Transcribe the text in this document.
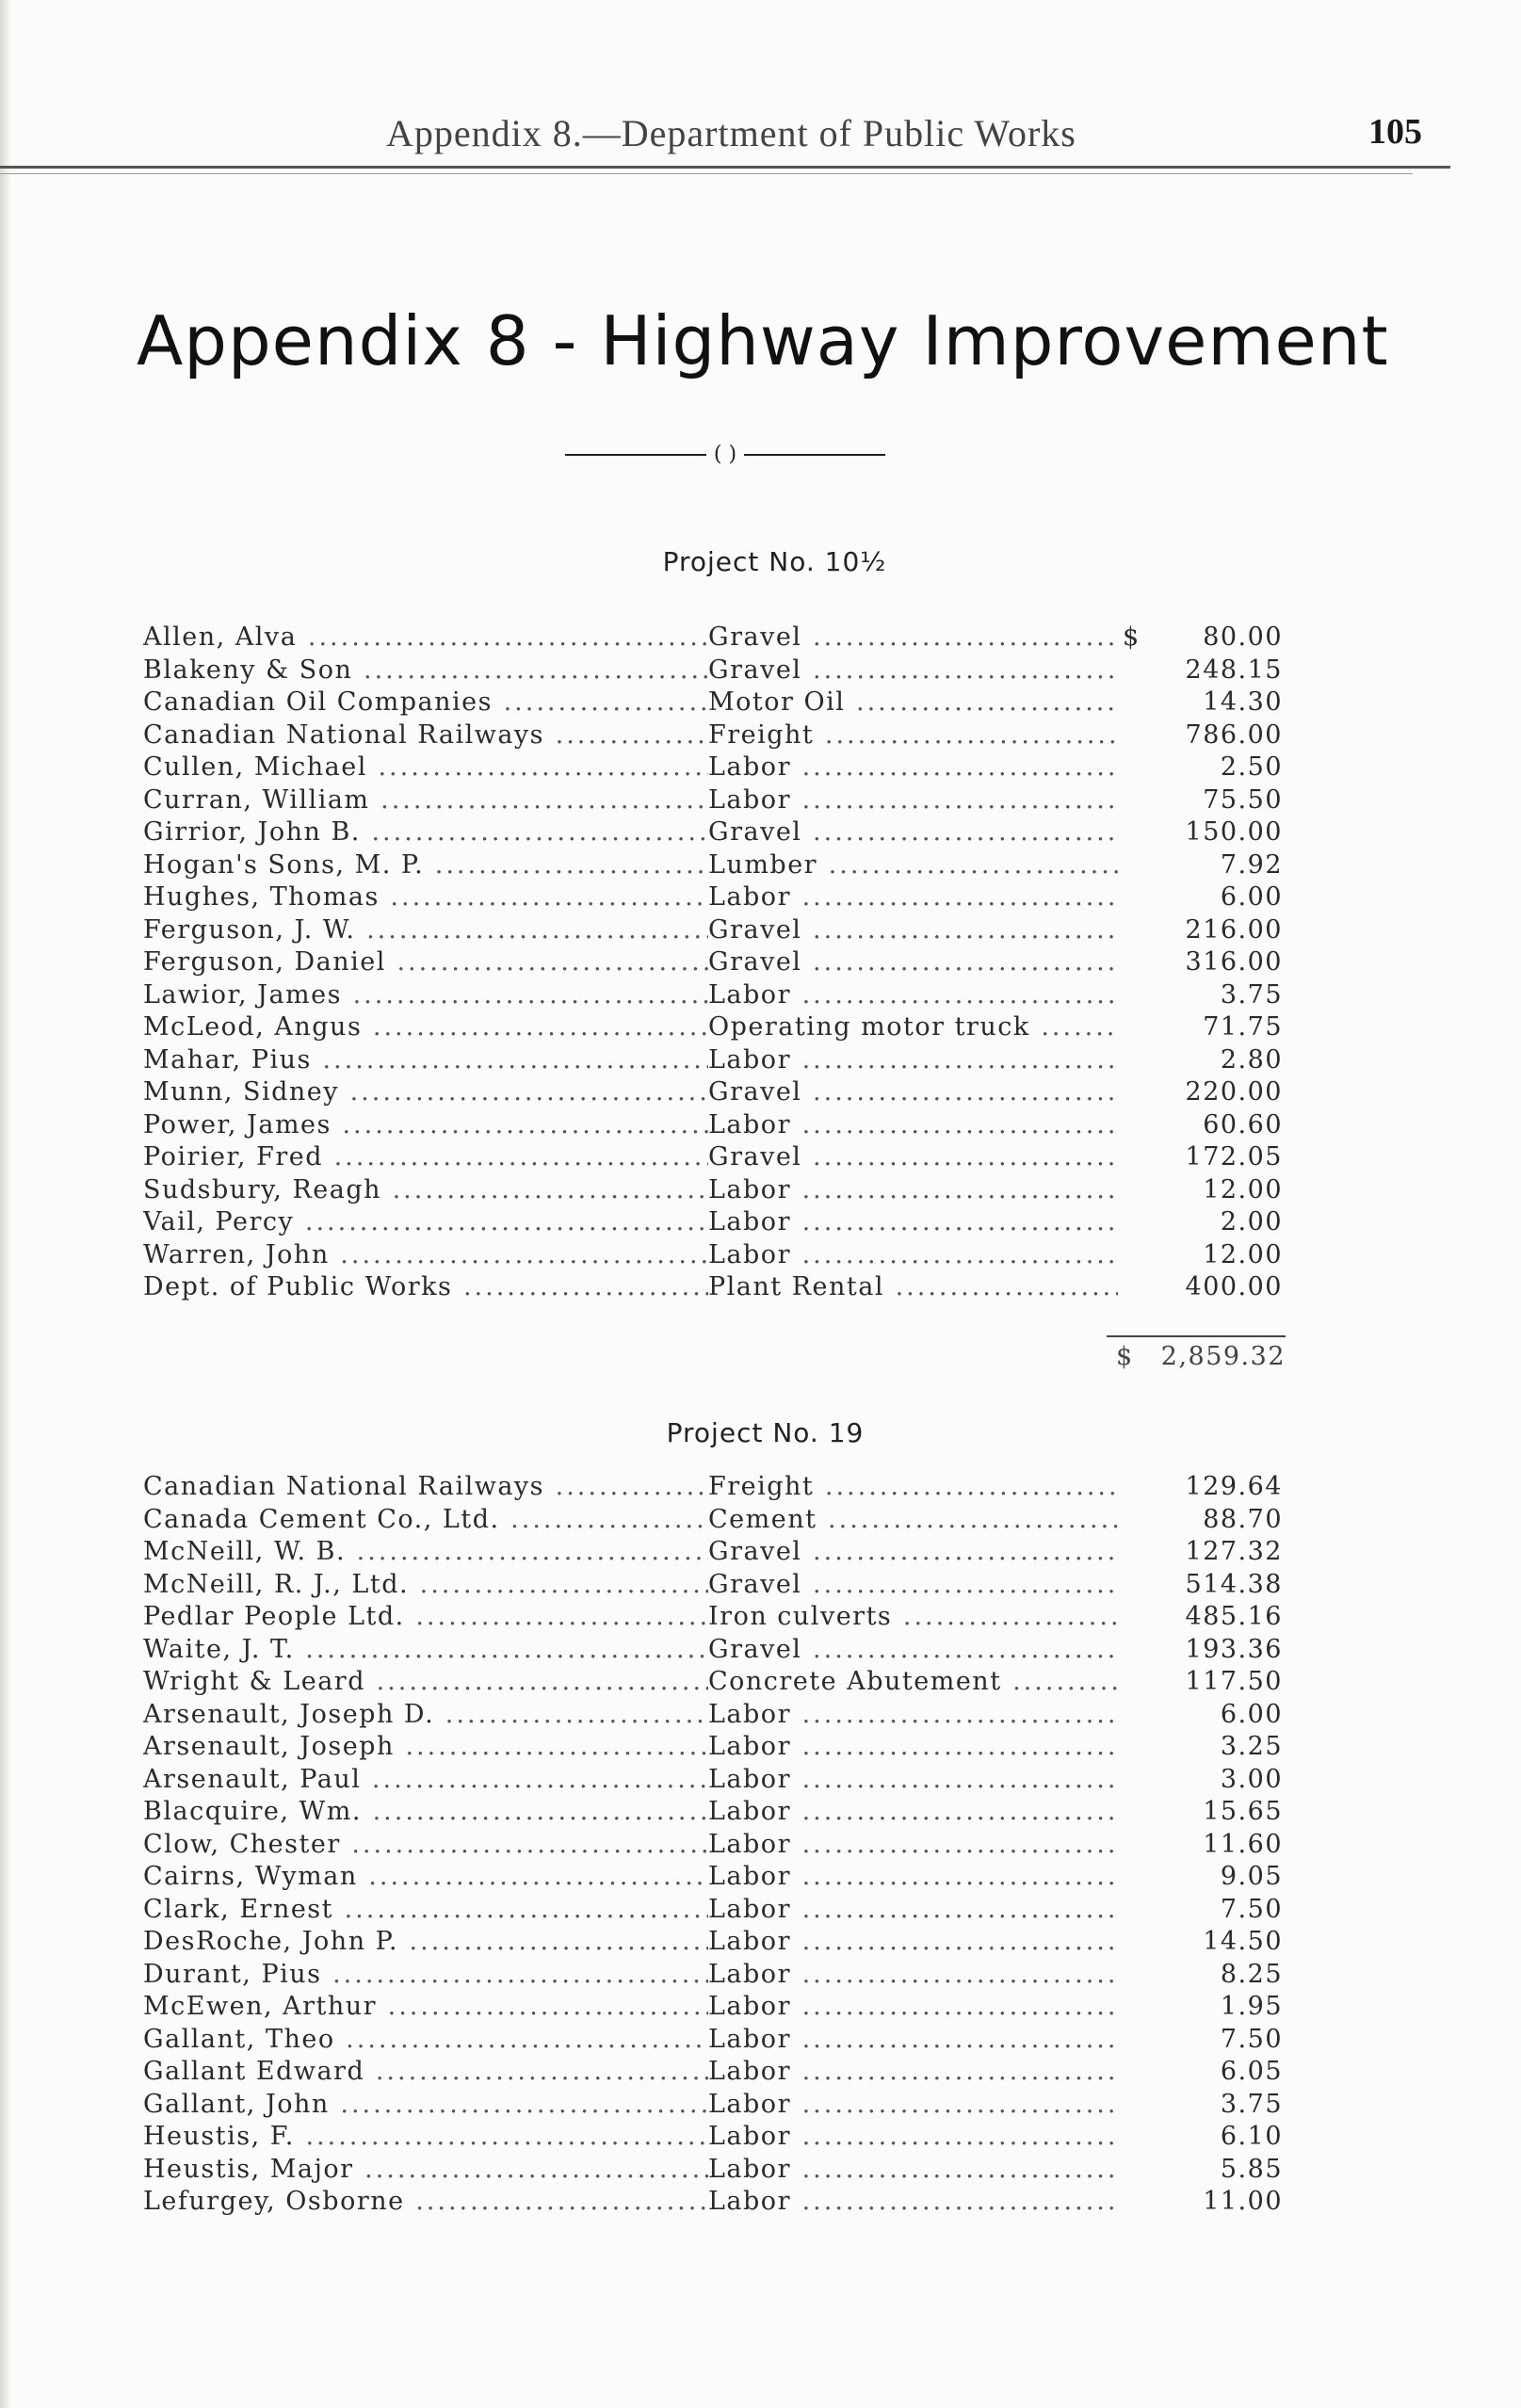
Appendix 8.—Department of Public Works	105
Appendix 8 - Highway Improvement
( )
Project No. 10½
Allen, Alva .....	Gravel .....	$	80.00
Blakeny & Son .....	Gravel .....	248.15
Canadian Oil Companies .....	Motor Oil .....	14.30
Canadian National Railways .....	Freight .....	786.00
Cullen, Michael .....	Labor .....	2.50
Curran, William .....	Labor .....	75.50
Girrior, John B. .....	Gravel .....	150.00
Hogan's Sons, M. P. .....	Lumber .....	7.92
Hughes, Thomas .....	Labor .....	6.00
Ferguson, J. W. .....	Gravel .....	216.00
Ferguson, Daniel .....	Gravel .....	316.00
Lawior, James .....	Labor .....	3.75
McLeod, Angus .....	Operating motor truck .....	71.75
Mahar, Pius .....	Labor .....	2.80
Munn, Sidney .....	Gravel .....	220.00
Power, James .....	Labor .....	60.60
Poirier, Fred .....	Gravel .....	172.05
Sudsbury, Reagh .....	Labor .....	12.00
Vail, Percy .....	Labor .....	2.00
Warren, John .....	Labor .....	12.00
Dept. of Public Works .....	Plant Rental .....	400.00
$ 2,859.32
Project No. 19
Canadian National Railways .....	Freight .....	129.64
Canada Cement Co., Ltd. .....	Cement .....	88.70
McNeill, W. B. .....	Gravel .....	127.32
McNeill, R. J., Ltd. .....	Gravel .....	514.38
Pedlar People Ltd. .....	Iron culverts .....	485.16
Waite, J. T. .....	Gravel .....	193.36
Wright & Leard .....	Concrete Abutement .....	117.50
Arsenault, Joseph D. .....	Labor .....	6.00
Arsenault, Joseph .....	Labor .....	3.25
Arsenault, Paul .....	Labor .....	3.00
Blacquire, Wm. .....	Labor .....	15.65
Clow, Chester .....	Labor .....	11.60
Cairns, Wyman .....	Labor .....	9.05
Clark, Ernest .....	Labor .....	7.50
DesRoche, John P. .....	Labor .....	14.50
Durant, Pius .....	Labor .....	8.25
McEwen, Arthur .....	Labor .....	1.95
Gallant, Theo .....	Labor .....	7.50
Gallant Edward .....	Labor .....	6.05
Gallant, John .....	Labor .....	3.75
Heustis, F. .....	Labor .....	6.10
Heustis, Major .....	Labor .....	5.85
Lefurgey, Osborne .....	Labor .....	11.00
